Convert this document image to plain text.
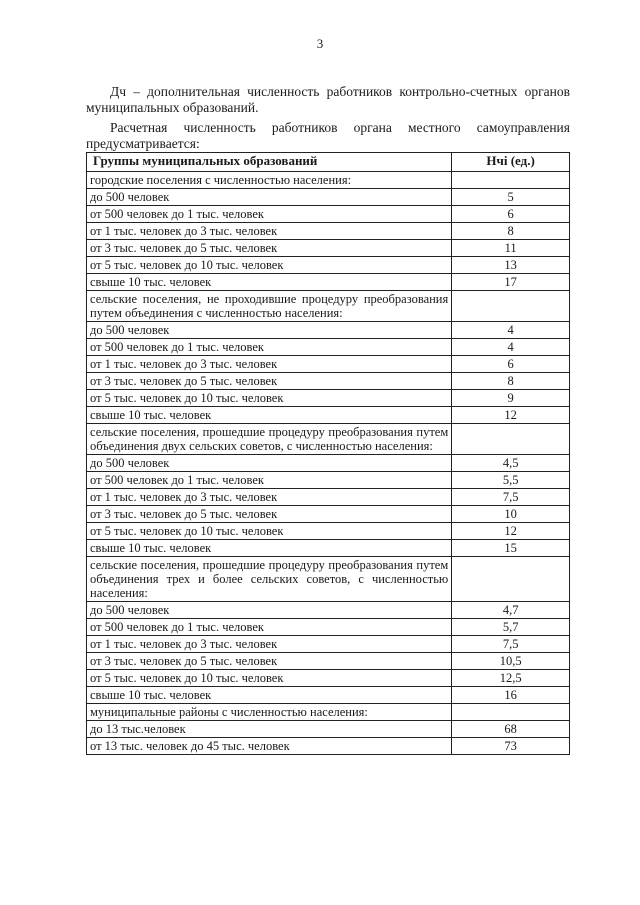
3

Дч – дополнительная численность работников контрольно-счетных органов муниципальных образований.

Расчетная численность работников органа местного самоуправления предусматривается:

Группы муниципальных образований	Нчi (ед.)
городские поселения с численностью населения:	
до 500 человек	5
от 500 человек до 1 тыс. человек	6
от 1 тыс. человек до 3 тыс. человек	8
от 3 тыс. человек до 5 тыс. человек	11
от 5 тыс. человек до 10 тыс. человек	13
свыше 10 тыс. человек	17
сельские поселения, не проходившие процедуру преобразования путем объединения с численностью населения:	
до 500 человек	4
от 500 человек до 1 тыс. человек	4
от 1 тыс. человек до 3 тыс. человек	6
от 3 тыс. человек до 5 тыс. человек	8
от 5 тыс. человек до 10 тыс. человек	9
свыше 10 тыс. человек	12
сельские поселения, прошедшие процедуру преобразования путем объединения двух сельских советов, с численностью населения:	
до 500 человек	4,5
от 500 человек до 1 тыс. человек	5,5
от 1 тыс. человек до 3 тыс. человек	7,5
от 3 тыс. человек до 5 тыс. человек	10
от 5 тыс. человек до 10 тыс. человек	12
свыше 10 тыс. человек	15
сельские поселения, прошедшие процедуру преобразования путем объединения трех и более сельских советов, с численностью населения:	
до 500 человек	4,7
от 500 человек до 1 тыс. человек	5,7
от 1 тыс. человек до 3 тыс. человек	7,5
от 3 тыс. человек до 5 тыс. человек	10,5
от 5 тыс. человек до 10 тыс. человек	12,5
свыше 10 тыс. человек	16
муниципальные районы с численностью населения:	
до 13 тыс.человек	68
от 13 тыс. человек до 45 тыс. человек	73
